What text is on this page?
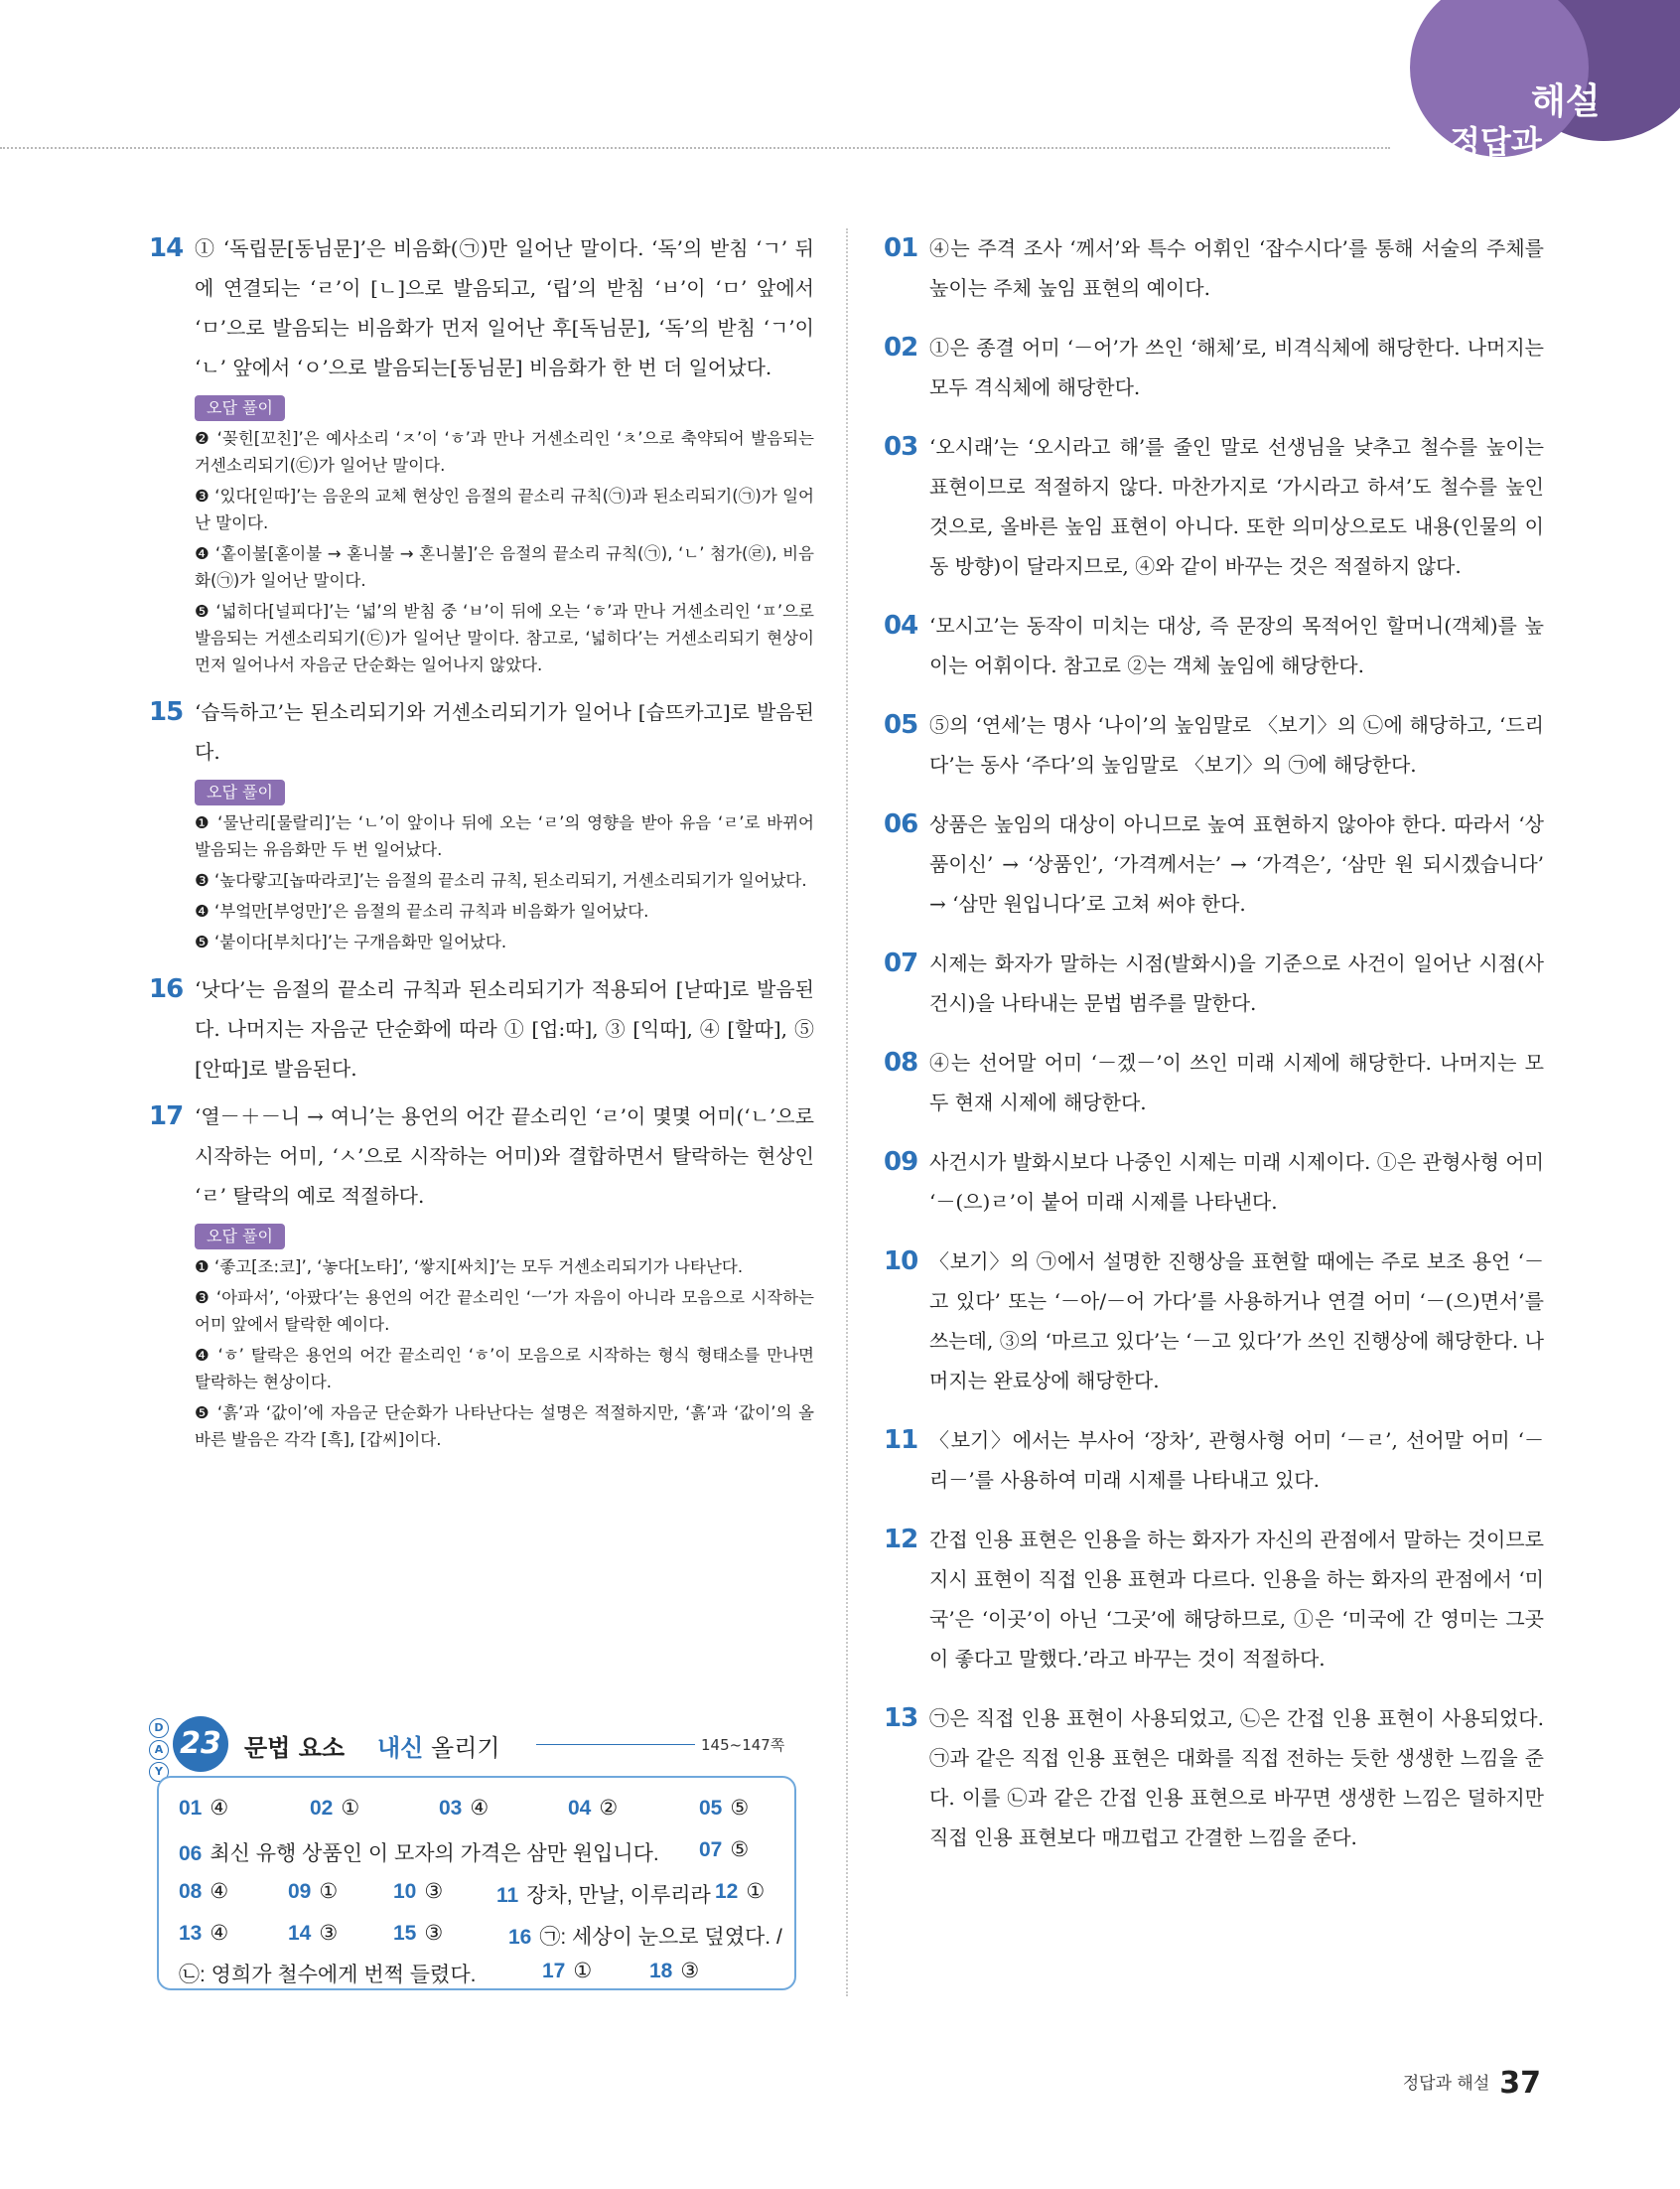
해설
정답과
14 ① ‘독립문[동님문]’은 비음화(㉠)만 일어난 말이다. ‘독’의 받침 ‘ㄱ’ 뒤에 연결되는 ‘ㄹ’이 [ㄴ]으로 발음되고, ‘립’의 받침 ‘ㅂ’이 ‘ㅁ’ 앞에서 ‘ㅁ’으로 발음되는 비음화가 먼저 일어난 후[독님문], ‘독’의 받침 ‘ㄱ’이 ‘ㄴ’ 앞에서 ‘ㅇ’으로 발음되는[동님문] 비음화가 한 번 더 일어났다.
오답 풀이

❷ ‘꽂힌[꼬친]’은 예사소리 ‘ㅈ’이 ‘ㅎ’과 만나 거센소리인 ‘ㅊ’으로 축약되어 발음되는 거센소리되기(㉢)가 일어난 말이다.

❸ ‘있다[읻따]’는 음운의 교체 현상인 음절의 끝소리 규칙(㉠)과 된소리되기(㉠)가 일어난 말이다.

❹ ‘홑이불[혿이불 → 혿니불 → 혼니불]’은 음절의 끝소리 규칙(㉠), ‘ㄴ’ 첨가(㉣), 비음화(㉠)가 일어난 말이다.

❺ ‘넓히다[널피다]’는 ‘넓’의 받침 중 ‘ㅂ’이 뒤에 오는 ‘ㅎ’과 만나 거센소리인 ‘ㅍ’으로 발음되는 거센소리되기(㉢)가 일어난 말이다. 참고로, ‘넓히다’는 거센소리되기 현상이 먼저 일어나서 자음군 단순화는 일어나지 않았다.

15 ‘습득하고’는 된소리되기와 거센소리되기가 일어나 [습뜨카고]로 발음된다.
오답 풀이

❶ ‘물난리[물랄리]’는 ‘ㄴ’이 앞이나 뒤에 오는 ‘ㄹ’의 영향을 받아 유음 ‘ㄹ’로 바뀌어 발음되는 유음화만 두 번 일어났다.

❸ ‘높다랗고[놉따라코]’는 음절의 끝소리 규칙, 된소리되기, 거센소리되기가 일어났다.

❹ ‘부엌만[부엉만]’은 음절의 끝소리 규칙과 비음화가 일어났다.

❺ ‘붙이다[부치다]’는 구개음화만 일어났다.

16 ‘낫다’는 음절의 끝소리 규칙과 된소리되기가 적용되어 [낟따]로 발음된다. 나머지는 자음군 단순화에 따라 ① [업:따], ③ [익따], ④ [할따], ⑤ [안따]로 발음된다.
17 ‘열－＋－니 → 여니’는 용언의 어간 끝소리인 ‘ㄹ’이 몇몇 어미(‘ㄴ’으로 시작하는 어미, ‘ㅅ’으로 시작하는 어미)와 결합하면서 탈락하는 현상인 ‘ㄹ’ 탈락의 예로 적절하다.
오답 풀이

❶ ‘좋고[조:코]’, ‘놓다[노타]’, ‘쌓지[싸치]’는 모두 거센소리되기가 나타난다.

❸ ‘아파서’, ‘아팠다’는 용언의 어간 끝소리인 ‘ㅡ’가 자음이 아니라 모음으로 시작하는 어미 앞에서 탈락한 예이다.

❹ ‘ㅎ’ 탈락은 용언의 어간 끝소리인 ‘ㅎ’이 모음으로 시작하는 형식 형태소를 만나면 탈락하는 현상이다.

❺ ‘흙’과 ‘값이’에 자음군 단순화가 나타난다는 설명은 적절하지만, ‘흙’과 ‘값이’의 올바른 발음은 각각 [흑], [갑씨]이다.

01 ④는 주격 조사 ‘께서’와 특수 어휘인 ‘잡수시다’를 통해 서술의 주체를 높이는 주체 높임 표현의 예이다.
02 ①은 종결 어미 ‘－어’가 쓰인 ‘해체’로, 비격식체에 해당한다. 나머지는 모두 격식체에 해당한다.
03 ‘오시래’는 ‘오시라고 해’를 줄인 말로 선생님을 낮추고 철수를 높이는 표현이므로 적절하지 않다. 마찬가지로 ‘가시라고 하셔’도 철수를 높인 것으로, 올바른 높임 표현이 아니다. 또한 의미상으로도 내용(인물의 이동 방향)이 달라지므로, ④와 같이 바꾸는 것은 적절하지 않다.
04 ‘모시고’는 동작이 미치는 대상, 즉 문장의 목적어인 할머니(객체)를 높이는 어휘이다. 참고로 ②는 객체 높임에 해당한다.
05 ⑤의 ‘연세’는 명사 ‘나이’의 높임말로 〈보기〉의 ㉡에 해당하고, ‘드리다’는 동사 ‘주다’의 높임말로 〈보기〉의 ㉠에 해당한다.
06 상품은 높임의 대상이 아니므로 높여 표현하지 않아야 한다. 따라서 ‘상품이신’ → ‘상품인’, ‘가격께서는’ → ‘가격은’, ‘삼만 원 되시겠습니다’ → ‘삼만 원입니다’로 고쳐 써야 한다.
07 시제는 화자가 말하는 시점(발화시)을 기준으로 사건이 일어난 시점(사건시)을 나타내는 문법 범주를 말한다.
08 ④는 선어말 어미 ‘－겠－’이 쓰인 미래 시제에 해당한다. 나머지는 모두 현재 시제에 해당한다.
09 사건시가 발화시보다 나중인 시제는 미래 시제이다. ①은 관형사형 어미 ‘－(으)ㄹ’이 붙어 미래 시제를 나타낸다.
10 〈보기〉의 ㉠에서 설명한 진행상을 표현할 때에는 주로 보조 용언 ‘－고 있다’ 또는 ‘－아/－어 가다’를 사용하거나 연결 어미 ‘－(으)면서’를 쓰는데, ③의 ‘마르고 있다’는 ‘－고 있다’가 쓰인 진행상에 해당한다. 나머지는 완료상에 해당한다.
11 〈보기〉에서는 부사어 ‘장차’, 관형사형 어미 ‘－ㄹ’, 선어말 어미 ‘－리－’를 사용하여 미래 시제를 나타내고 있다.
12 간접 인용 표현은 인용을 하는 화자가 자신의 관점에서 말하는 것이므로 지시 표현이 직접 인용 표현과 다르다. 인용을 하는 화자의 관점에서 ‘미국’은 ‘이곳’이 아닌 ‘그곳’에 해당하므로, ①은 ‘미국에 간 영미는 그곳이 좋다고 말했다.’라고 바꾸는 것이 적절하다.
13 ㉠은 직접 인용 표현이 사용되었고, ㉡은 간접 인용 표현이 사용되었다. ㉠과 같은 직접 인용 표현은 대화를 직접 전하는 듯한 생생한 느낌을 준다. 이를 ㉡과 같은 간접 인용 표현으로 바꾸면 생생한 느낌은 덜하지만 직접 인용 표현보다 매끄럽고 간결한 느낌을 준다.
D
A
Y
23 문법 요소 내신 올리기	145~147쪽
01 ④	02 ①	03 ④	04 ②	05 ⑤
06 최신 유행 상품인 이 모자의 가격은 삼만 원입니다. 07 ⑤
08 ④	09 ①	10 ③	11 장차, 만날, 이루리라 12 ①
13 ④	14 ③	15 ③	16 ㉠: 세상이 눈으로 덮였다. /
㉡: 영희가 철수에게 번쩍 들렸다.	17 ①	18 ③
정답과 해설 37
